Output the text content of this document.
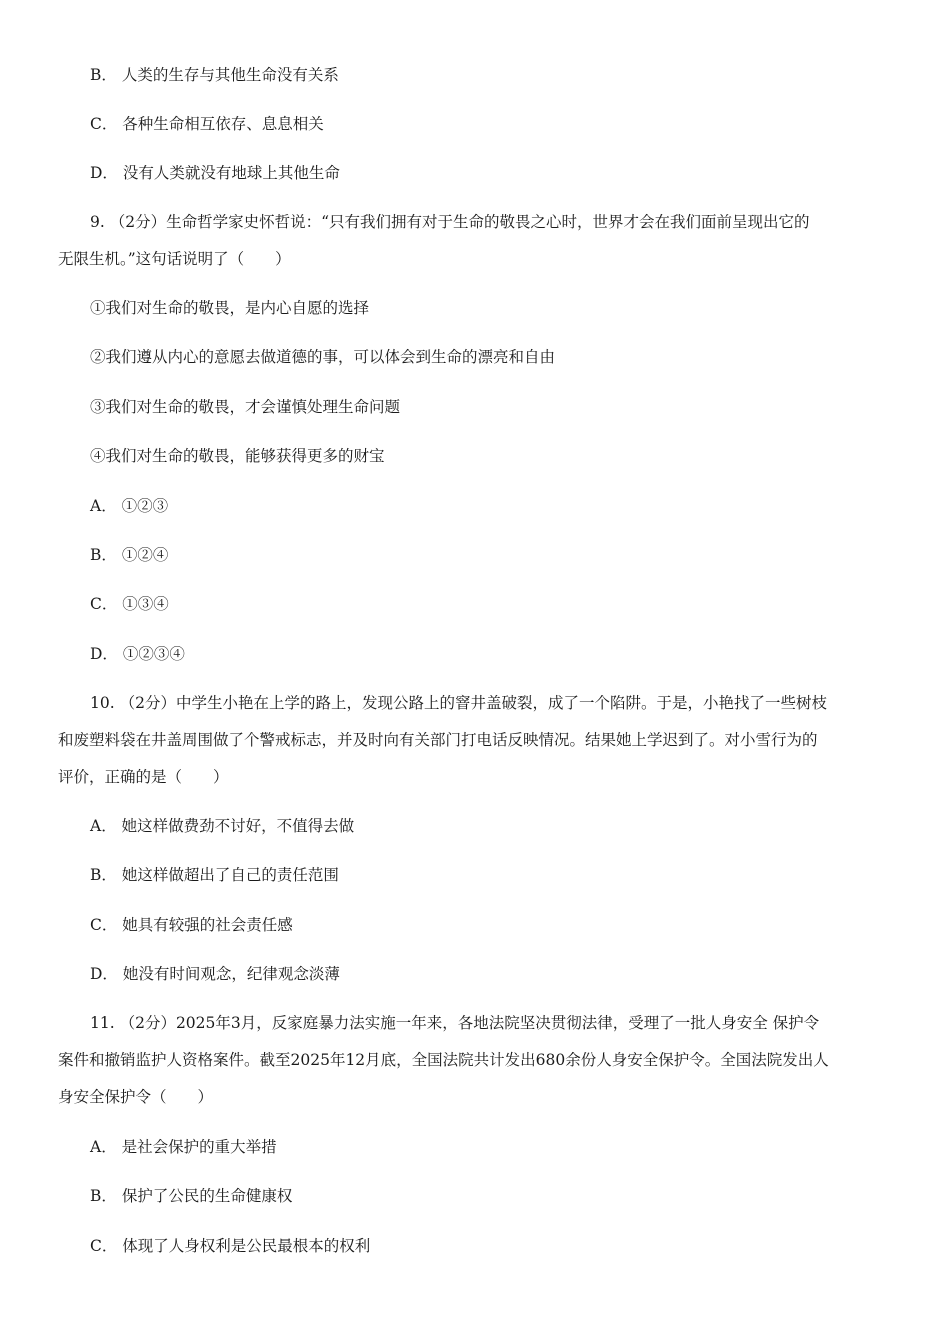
B． 人类的生存与其他生命没有关系
C． 各种生命相互依存、息息相关
D． 没有人类就没有地球上其他生命
9. （2分）生命哲学家史怀哲说：“只有我们拥有对于生命的敬畏之心时，世界才会在我们面前呈现出它的
无限生机。”这句话说明了（　　）
①我们对生命的敬畏，是内心自愿的选择
②我们遵从内心的意愿去做道德的事，可以体会到生命的漂亮和自由
③我们对生命的敬畏，才会谨慎处理生命问题
④我们对生命的敬畏，能够获得更多的财宝
A． ①②③
B． ①②④
C． ①③④
D． ①②③④
10. （2分）中学生小艳在上学的路上，发现公路上的窨井盖破裂，成了一个陷阱。于是，小艳找了一些树枝
和废塑料袋在井盖周围做了个警戒标志，并及时向有关部门打电话反映情况。结果她上学迟到了。对小雪行为的
评价，正确的是（　　）
A． 她这样做费劲不讨好，不值得去做
B． 她这样做超出了自己的责任范围
C． 她具有较强的社会责任感
D． 她没有时间观念，纪律观念淡薄
11. （2分）2025年3月，反家庭暴力法实施一年来，各地法院坚决贯彻法律，受理了一批人身安全 保护令
案件和撤销监护人资格案件。截至2025年12月底，全国法院共计发出680余份人身安全保护令。全国法院发出人
身安全保护令（　　）
A． 是社会保护的重大举措
B． 保护了公民的生命健康权
C． 体现了人身权利是公民最根本的权利
